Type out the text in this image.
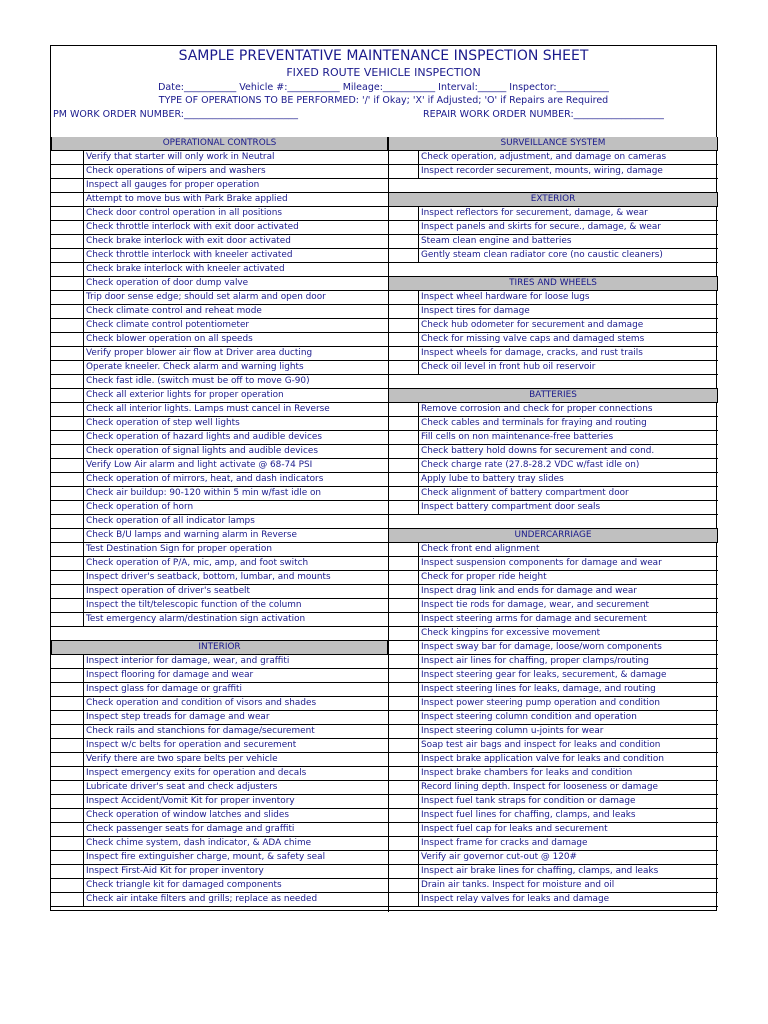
SAMPLE PREVENTATIVE MAINTENANCE INSPECTION SHEET
FIXED ROUTE VEHICLE INSPECTION
Date:___________ Vehicle #:___________ Mileage:___________ Interval:______ Inspector:___________
TYPE OF OPERATIONS TO BE PERFORMED: '/' if Okay; 'X' if Adjusted; 'O' if Repairs are Required
PM WORK ORDER NUMBER:________________________	REPAIR WORK ORDER NUMBER:___________________
OPERATIONAL CONTROLS
Verify that starter will only work in Neutral
Check operations of wipers and washers
Inspect all gauges for proper operation
Attempt to move bus with Park Brake applied
Check door control operation in all positions
Check throttle interlock with exit door activated
Check brake interlock with exit door activated
Check throttle interlock with kneeler activated
Check brake interlock with kneeler activated
Check operation of door dump valve
Trip door sense edge; should set alarm and open door
Check climate control and reheat mode
Check climate control potentiometer
Check blower operation on all speeds
Verify proper blower air flow at Driver area ducting
Operate kneeler. Check alarm and warning lights
Check fast idle. (switch must be off to move G-90)
Check all exterior lights for proper operation
Check all interior lights. Lamps must cancel in Reverse
Check operation of step well lights
Check operation of hazard lights and audible devices
Check operation of signal lights and audible devices
Verify Low Air alarm and light activate @ 68-74 PSI
Check operation of mirrors, heat, and dash indicators
Check air buildup: 90-120 within 5 min w/fast idle on
Check operation of horn
Check operation of all indicator lamps
Check B/U lamps and warning alarm in Reverse
Test Destination Sign for proper operation
Check operation of P/A, mic, amp, and foot switch
Inspect driver's seatback, bottom, lumbar, and mounts
Inspect operation of driver's seatbelt
Inspect the tilt/telescopic function of the column
Test emergency alarm/destination sign activation
INTERIOR
Inspect interior for damage, wear, and graffiti
Inspect flooring for damage and wear
Inspect glass for damage or graffiti
Check operation and condition of visors and shades
Inspect step treads for damage and wear
Check rails and stanchions for damage/securement
Inspect w/c belts for operation and securement
Verify there are two spare belts per vehicle
Inspect emergency exits for operation and decals
Lubricate driver's seat and check adjusters
Inspect Accident/Vomit Kit for proper inventory
Check operation of window latches and slides
Check passenger seats for damage and graffiti
Check chime system, dash indicator, & ADA chime
Inspect fire extinguisher charge, mount, & safety seal
Inspect First-Aid Kit for proper inventory
Check triangle kit for damaged components
Check air intake filters and grills; replace as needed
SURVEILLANCE SYSTEM
Check operation, adjustment, and damage on cameras
Inspect recorder securement, mounts, wiring, damage
EXTERIOR
Inspect reflectors for securement, damage, & wear
Inspect panels and skirts for secure., damage, & wear
Steam clean engine and batteries
Gently steam clean radiator core (no caustic cleaners)
TIRES AND WHEELS
Inspect wheel hardware for loose lugs
Inspect tires for damage
Check hub odometer for securement and damage
Check for missing valve caps and damaged stems
Inspect wheels for damage, cracks, and rust trails
Check oil level in front hub oil reservoir
BATTERIES
Remove corrosion and check for proper connections
Check cables and terminals for fraying and routing
Fill cells on non maintenance-free batteries
Check battery hold downs for securement and cond.
Check charge rate (27.8-28.2 VDC w/fast idle on)
Apply lube to battery tray slides
Check alignment of battery compartment door
Inspect battery compartment door seals
UNDERCARRIAGE
Check front end alignment
Inspect suspension components for damage and wear
Check for proper ride height
Inspect drag link and ends for damage and wear
Inspect tie rods for damage, wear, and securement
Inspect steering arms for damage and securement
Check kingpins for excessive movement
Inspect sway bar for damage, loose/worn components
Inspect air lines for chaffing, proper clamps/routing
Inspect steering gear for leaks, securement, & damage
Inspect steering lines for leaks, damage, and routing
Inspect power steering pump operation and condition
Inspect steering column condition and operation
Inspect steering column u-joints for wear
Soap test air bags and inspect for leaks and condition
Inspect brake application valve for leaks and condition
Inspect brake chambers for leaks and condition
Record lining depth. Inspect for looseness or damage
Inspect fuel tank straps for condition or damage
Inspect fuel lines for chaffing, clamps, and leaks
Inspect fuel cap for leaks and securement
Inspect frame for cracks and damage
Verify air governor cut-out @ 120#
Inspect air brake lines for chaffing, clamps, and leaks
Drain air tanks. Inspect for moisture and oil
Inspect relay valves for leaks and damage
